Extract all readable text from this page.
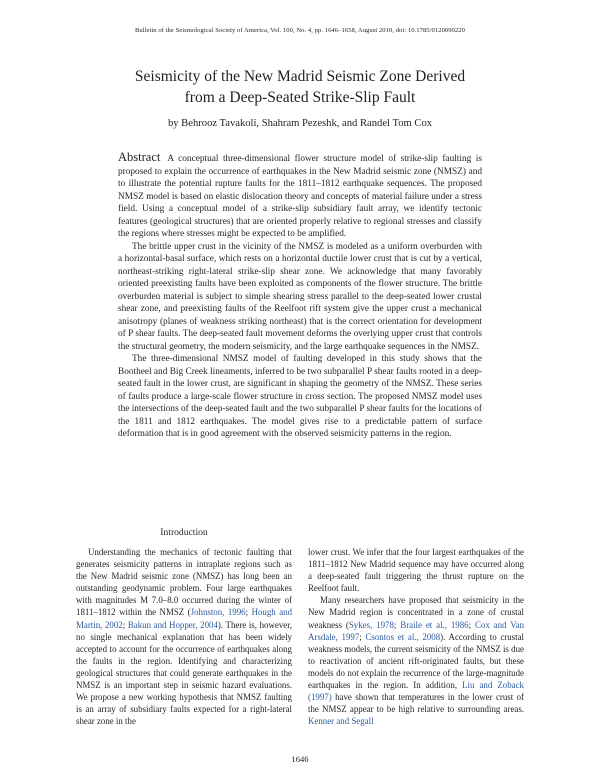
Bulletin of the Seismological Society of America, Vol. 100, No. 4, pp. 1646–1658, August 2010, doi: 10.1785/0120090220
Seismicity of the New Madrid Seismic Zone Derived
from a Deep-Seated Strike-Slip Fault
by Behrooz Tavakoli, Shahram Pezeshk, and Randel Tom Cox

Abstract A conceptual three-dimensional flower structure model of strike-slip faulting is proposed to explain the occurrence of earthquakes in the New Madrid seismic zone (NMSZ) and to illustrate the potential rupture faults for the 1811–1812 earthquake sequences. The proposed NMSZ model is based on elastic dislocation theory and concepts of material failure under a stress field. Using a conceptual model of a strike-slip subsidiary fault array, we identify tectonic features (geological structures) that are oriented properly relative to regional stresses and classify the regions where stresses might be expected to be amplified.

The brittle upper crust in the vicinity of the NMSZ is modeled as a uniform overburden with a horizontal-basal surface, which rests on a horizontal ductile lower crust that is cut by a vertical, northeast-striking right-lateral strike-slip shear zone. We acknowledge that many favorably oriented preexisting faults have been exploited as components of the flower structure. The brittle overburden material is subject to simple shearing stress parallel to the deep-seated lower crustal shear zone, and preexisting faults of the Reelfoot rift system give the upper crust a mechanical anisotropy (planes of weakness striking northeast) that is the correct orientation for development of P shear faults. The deep-seated fault movement deforms the overlying upper crust that controls the structural geometry, the modern seismicity, and the large earthquake sequences in the NMSZ.

The three-dimensional NMSZ model of faulting developed in this study shows that the Bootheel and Big Creek lineaments, inferred to be two subparallel P shear faults rooted in a deep-seated fault in the lower crust, are significant in shaping the geometry of the NMSZ. These series of faults produce a large-scale flower structure in cross section. The proposed NMSZ model uses the intersections of the deep-seated fault and the two subparallel P shear faults for the locations of the 1811 and 1812 earthquakes. The model gives rise to a predictable pattern of surface deformation that is in good agreement with the observed seismicity patterns in the region.

Introduction

Understanding the mechanics of tectonic faulting that generates seismicity patterns in intraplate regions such as the New Madrid seismic zone (NMSZ) has long been an outstanding geodynamic problem. Four large earthquakes with magnitudes M 7.0–8.0 occurred during the winter of 1811–1812 within the NMSZ (Johnston, 1996; Hough and Martin, 2002; Bakun and Hopper, 2004). There is, however, no single mechanical explanation that has been widely accepted to account for the occurrence of earthquakes along the faults in the region. Identifying and characterizing geological structures that could generate earthquakes in the NMSZ is an important step in seismic hazard evaluations. We propose a new working hypothesis that NMSZ faulting is an array of subsidiary faults expected for a right-lateral shear zone in the

lower crust. We infer that the four largest earthquakes of the 1811–1812 New Madrid sequence may have occurred along a deep-seated fault triggering the thrust rupture on the Reelfoot fault.

Many researchers have proposed that seismicity in the New Madrid region is concentrated in a zone of crustal weakness (Sykes, 1978; Braile et al., 1986; Cox and Van Arsdale, 1997; Csontos et al., 2008). According to crustal weakness models, the current seismicity of the NMSZ is due to reactivation of ancient rift-originated faults, but these models do not explain the recurrence of the large-magnitude earthquakes in the region. In addition, Liu and Zoback (1997) have shown that temperatures in the lower crust of the NMSZ appear to be high relative to surrounding areas. Kenner and Segall

1646
